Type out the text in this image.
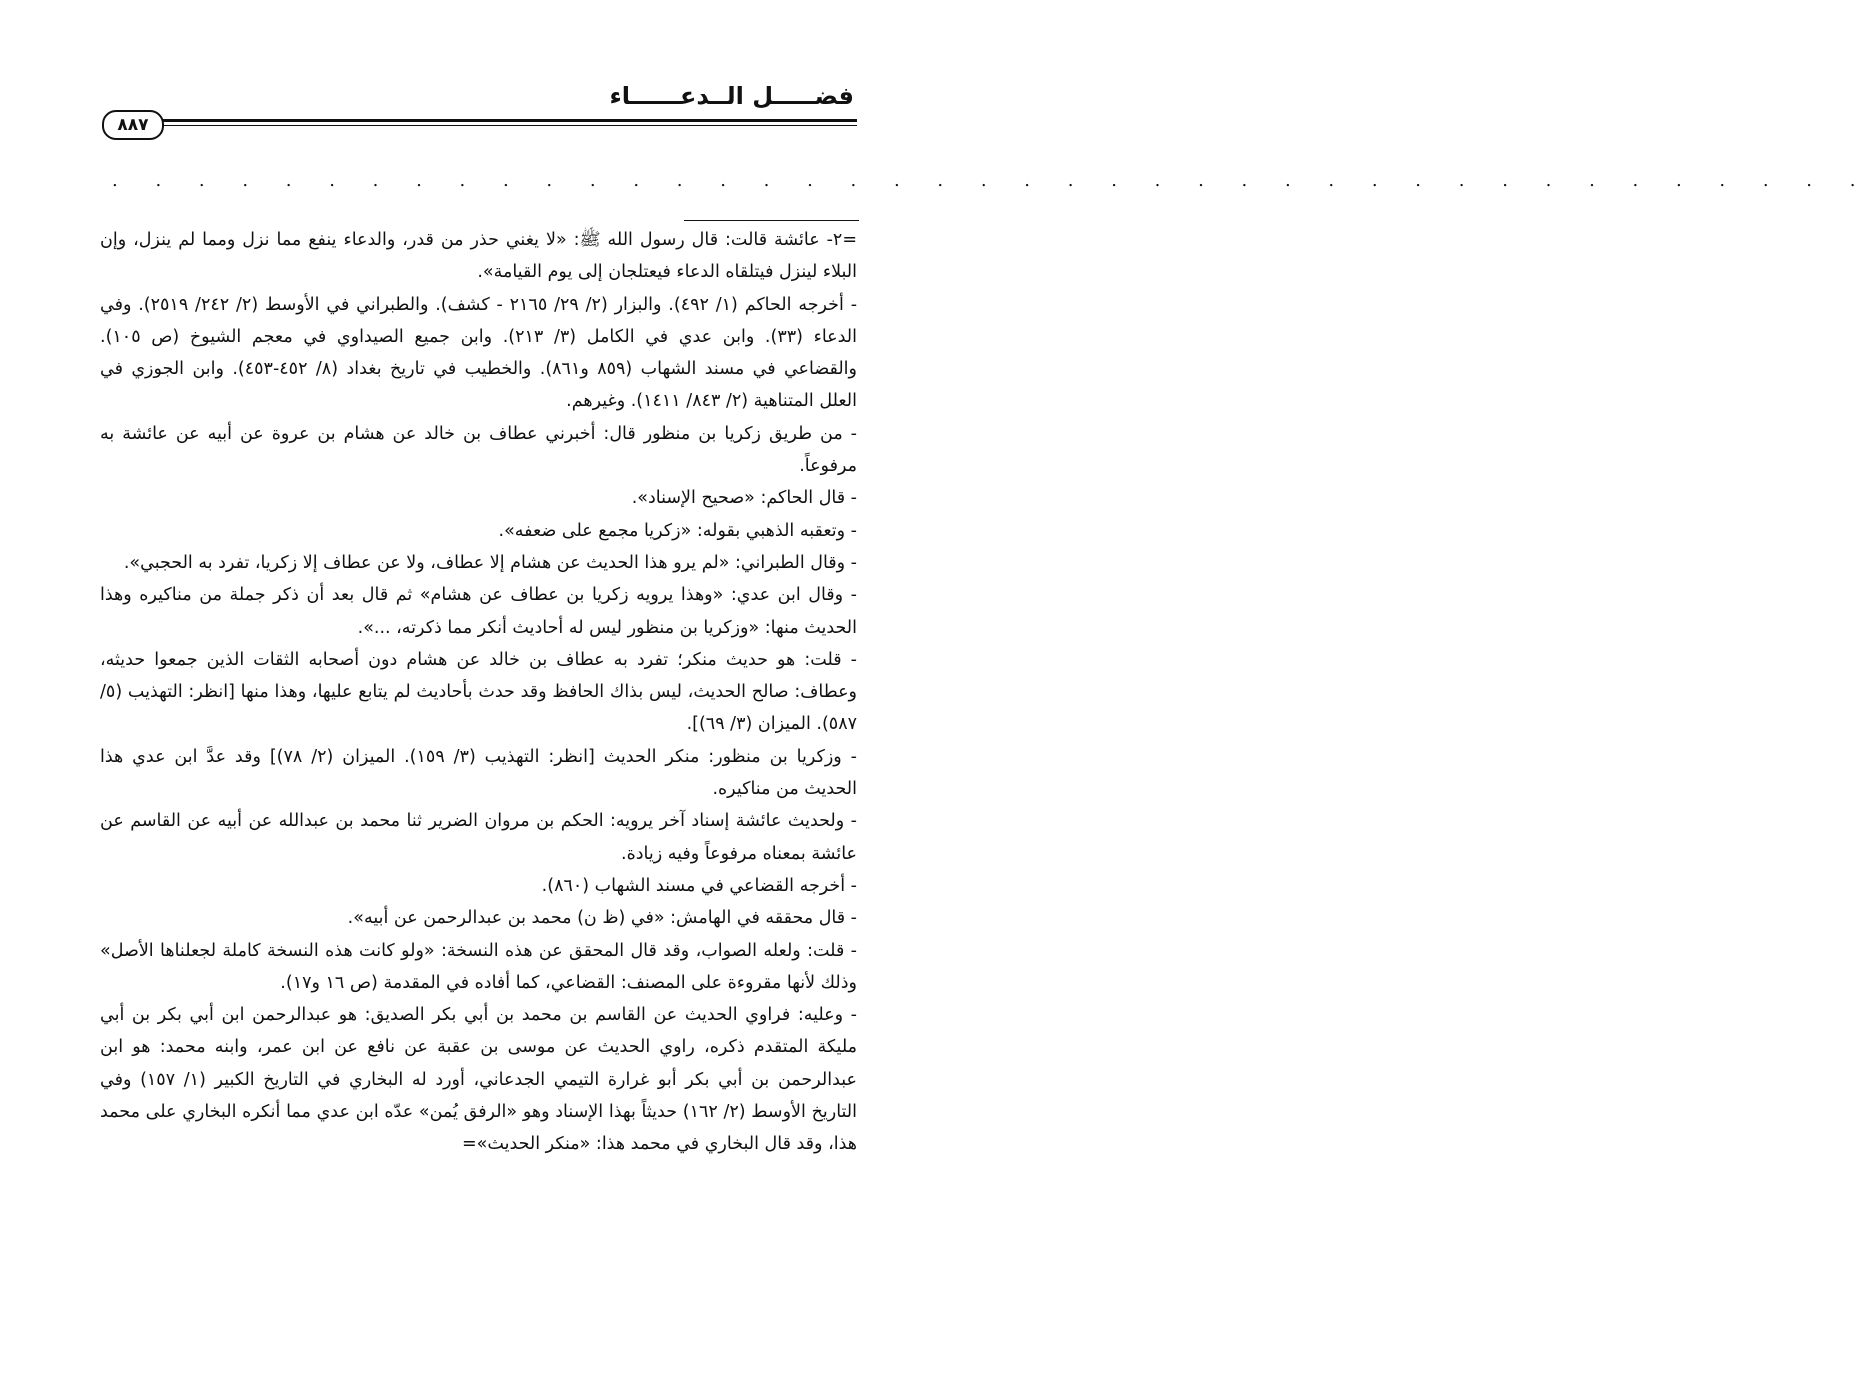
فضـــــل الــدعــــــاء
٨٨٧
. . . . . . . . . . . . . . . . . . . . . . . . . . . . . . . . . . . . . . . . .

=٢- عائشة قالت: قال رسول الله ﷺ: «لا يغني حذر من قدر، والدعاء ينفع مما نزل ومما لم ينزل، وإن البلاء لينزل فيتلقاه الدعاء فيعتلجان إلى يوم القيامة».

- أخرجه الحاكم (١/ ٤٩٢). والبزار (٢/ ٢٩/ ٢١٦٥ - كشف). والطبراني في الأوسط (٢/ ٢٤٢/ ٢٥١٩). وفي الدعاء (٣٣). وابن عدي في الكامل (٣/ ٢١٣). وابن جميع الصيداوي في معجم الشيوخ (ص ١٠٥). والقضاعي في مسند الشهاب (٨٥٩ و٨٦١). والخطيب في تاريخ بغداد (٨/ ٤٥٢-٤٥٣). وابن الجوزي في العلل المتناهية (٢/ ٨٤٣/ ١٤١١). وغيرهم.

- من طريق زكريا بن منظور قال: أخبرني عطاف بن خالد عن هشام بن عروة عن أبيه عن عائشة به مرفوعاً.

- قال الحاكم: «صحيح الإسناد».

- وتعقبه الذهبي بقوله: «زكريا مجمع على ضعفه».

- وقال الطبراني: «لم يرو هذا الحديث عن هشام إلا عطاف، ولا عن عطاف إلا زكريا، تفرد به الحجبي».

- وقال ابن عدي: «وهذا يرويه زكريا بن عطاف عن هشام» ثم قال بعد أن ذكر جملة من مناكيره وهذا الحديث منها: «وزكريا بن منظور ليس له أحاديث أنكر مما ذكرته، ...».

- قلت: هو حديث منكر؛ تفرد به عطاف بن خالد عن هشام دون أصحابه الثقات الذين جمعوا حديثه، وعطاف: صالح الحديث، ليس بذاك الحافظ وقد حدث بأحاديث لم يتابع عليها، وهذا منها [انظر: التهذيب (٥/ ٥٨٧). الميزان (٣/ ٦٩)].

- وزكريا بن منظور: منكر الحديث [انظر: التهذيب (٣/ ١٥٩). الميزان (٢/ ٧٨)] وقد عدَّ ابن عدي هذا الحديث من مناكيره.

- ولحديث عائشة إسناد آخر يرويه: الحكم بن مروان الضرير ثنا محمد بن عبدالله عن أبيه عن القاسم عن عائشة بمعناه مرفوعاً وفيه زيادة.

- أخرجه القضاعي في مسند الشهاب (٨٦٠).

- قال محققه في الهامش: «في (ظ ن) محمد بن عبدالرحمن عن أبيه».

- قلت: ولعله الصواب، وقد قال المحقق عن هذه النسخة: «ولو كانت هذه النسخة كاملة لجعلناها الأصل» وذلك لأنها مقروءة على المصنف: القضاعي، كما أفاده في المقدمة (ص ١٦ و١٧).

- وعليه: فراوي الحديث عن القاسم بن محمد بن أبي بكر الصديق: هو عبدالرحمن ابن أبي بكر بن أبي مليكة المتقدم ذكره، راوي الحديث عن موسى بن عقبة عن نافع عن ابن عمر، وابنه محمد: هو ابن عبدالرحمن بن أبي بكر أبو غرارة التيمي الجدعاني، أورد له البخاري في التاريخ الكبير (١/ ١٥٧) وفي التاريخ الأوسط (٢/ ١٦٢) حديثاً بهذا الإسناد وهو «الرفق يُمن» عدّه ابن عدي مما أنكره البخاري على محمد هذا، وقد قال البخاري في محمد هذا: «منكر الحديث»=
